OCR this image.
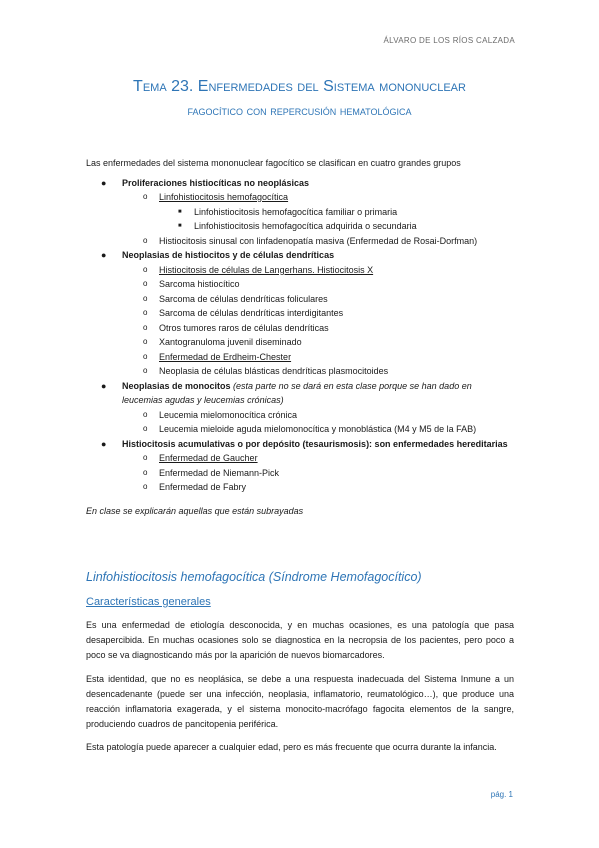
ÁLVARO DE LOS RÍOS CALZADA
Tema 23. Enfermedades del Sistema mononuclear
fagocítico con repercusión hematológica

Las enfermedades del sistema mononuclear fagocítico se clasifican en cuatro grandes grupos

● Proliferaciones histiocíticas no neoplásicas
o Linfohistiocitosis hemofagocítica
■ Linfohistiocitosis hemofagocítica familiar o primaria
■ Linfohistiocitosis hemofagocítica adquirida o secundaria
o Histiocitosis sinusal con linfadenopatía masiva (Enfermedad de Rosai-Dorfman)
● Neoplasias de histiocitos y de células dendríticas
o Histiocitosis de células de Langerhans. Histiocitosis X
o Sarcoma histiocítico
o Sarcoma de células dendríticas foliculares
o Sarcoma de células dendríticas interdigitantes
o Otros tumores raros de células dendríticas
o Xantogranuloma juvenil diseminado
o Enfermedad de Erdheim-Chester
o Neoplasia de células blásticas dendríticas plasmocitoides
● Neoplasias de monocitos (esta parte no se dará en esta clase porque se han dado en leucemias agudas y leucemias crónicas)
o Leucemia mielomonocítica crónica
o Leucemia mieloide aguda mielomonocítica y monoblástica (M4 y M5 de la FAB)
● Histiocitosis acumulativas o por depósito (tesaurismosis): son enfermedades hereditarias
o Enfermedad de Gaucher
o Enfermedad de Niemann-Pick
o Enfermedad de Fabry

En clase se explicarán aquellas que están subrayadas

Linfohistiocitosis hemofagocítica (Síndrome Hemofagocítico)
Características generales

Es una enfermedad de etiología desconocida, y en muchas ocasiones, es una patología que pasa desapercibida. En muchas ocasiones solo se diagnostica en la necropsia de los pacientes, pero poco a poco se va diagnosticando más por la aparición de nuevos biomarcadores.

Esta identidad, que no es neoplásica, se debe a una respuesta inadecuada del Sistema Inmune a un desencadenante (puede ser una infección, neoplasia, inflamatorio, reumatológico…), que produce una reacción inflamatoria exagerada, y el sistema monocito-macrófago fagocita elementos de la sangre, produciendo cuadros de pancitopenia periférica.

Esta patología puede aparecer a cualquier edad, pero es más frecuente que ocurra durante la infancia.

pág. 1
